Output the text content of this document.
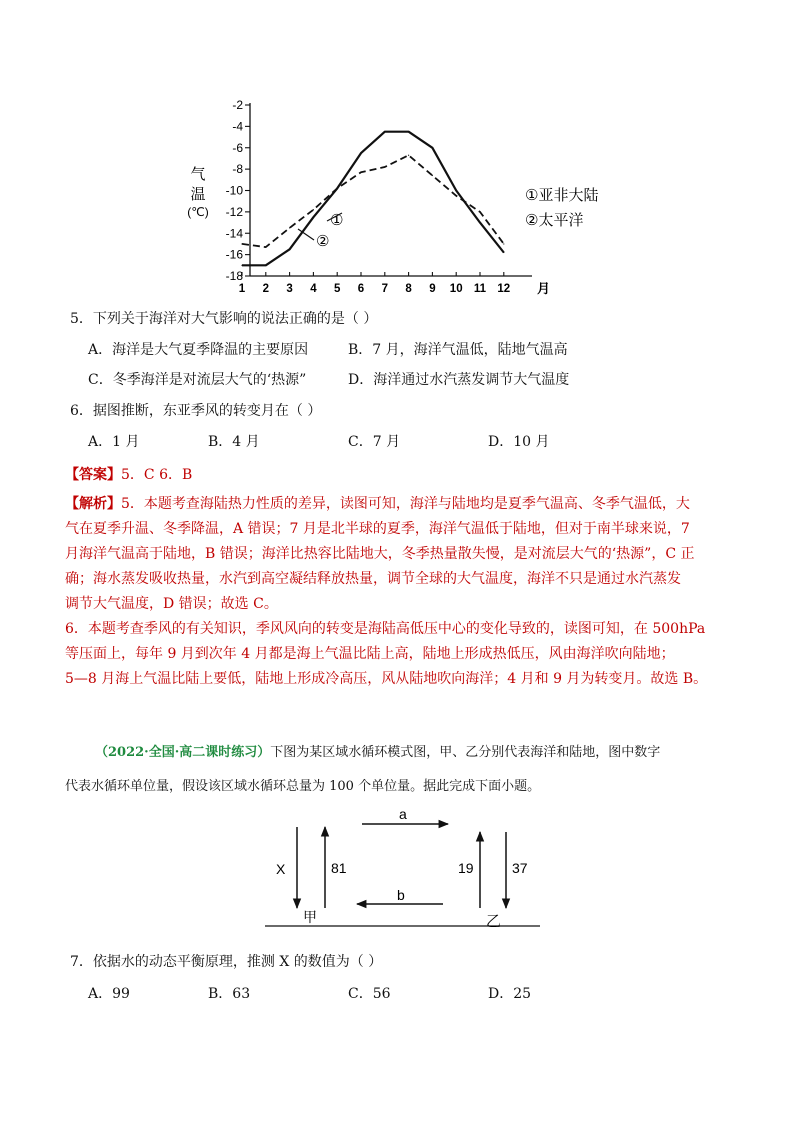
-2
-4
-6
-8
-10
-12
-14
-16
-18
1 2 3 4 5 6 7 8 9 10 11 12
气
温
(℃)
月
①亚非大陆
②太平洋
①
②
5．下列关于海洋对大气影响的说法正确的是（ ）
A．海洋是大气夏季降温的主要原因	B．7 月，海洋气温低，陆地气温高
C．冬季海洋是对流层大气的‘热源”	D．海洋通过水汽蒸发调节大气温度
6．据图推断，东亚季风的转变月在（ ）
A．1 月	B．4 月	C．7 月	D．10 月
【答案】5．C 6．B
【解析】5．本题考查海陆热力性质的差异，读图可知，海洋与陆地均是夏季气温高、冬季气温低，大
气在夏季升温、冬季降温，A 错误；7 月是北半球的夏季，海洋气温低于陆地，但对于南半球来说，7
月海洋气温高于陆地，B 错误；海洋比热容比陆地大，冬季热量散失慢，是对流层大气的‘热源”，C 正
确；海水蒸发吸收热量，水汽到高空凝结释放热量，调节全球的大气温度，海洋不只是通过水汽蒸发
调节大气温度，D 错误；故选 C。
6．本题考查季风的有关知识，季风风向的转变是海陆高低压中心的变化导致的，读图可知，在 500hPa
等压面上，每年 9 月到次年 4 月都是海上气温比陆上高，陆地上形成热低压，风由海洋吹向陆地；
5—8 月海上气温比陆上要低，陆地上形成冷高压，风从陆地吹向海洋；4 月和 9 月为转变月。故选 B。
（2022·全国·高二课时练习）下图为某区域水循环模式图，甲、乙分别代表海洋和陆地，图中数字
代表水循环单位量，假设该区域水循环总量为 100 个单位量。据此完成下面小题。
a
b
X	81	19	37
甲	乙
7．依据水的动态平衡原理，推测 X 的数值为（ ）
A．99	B．63	C．56	D．25
